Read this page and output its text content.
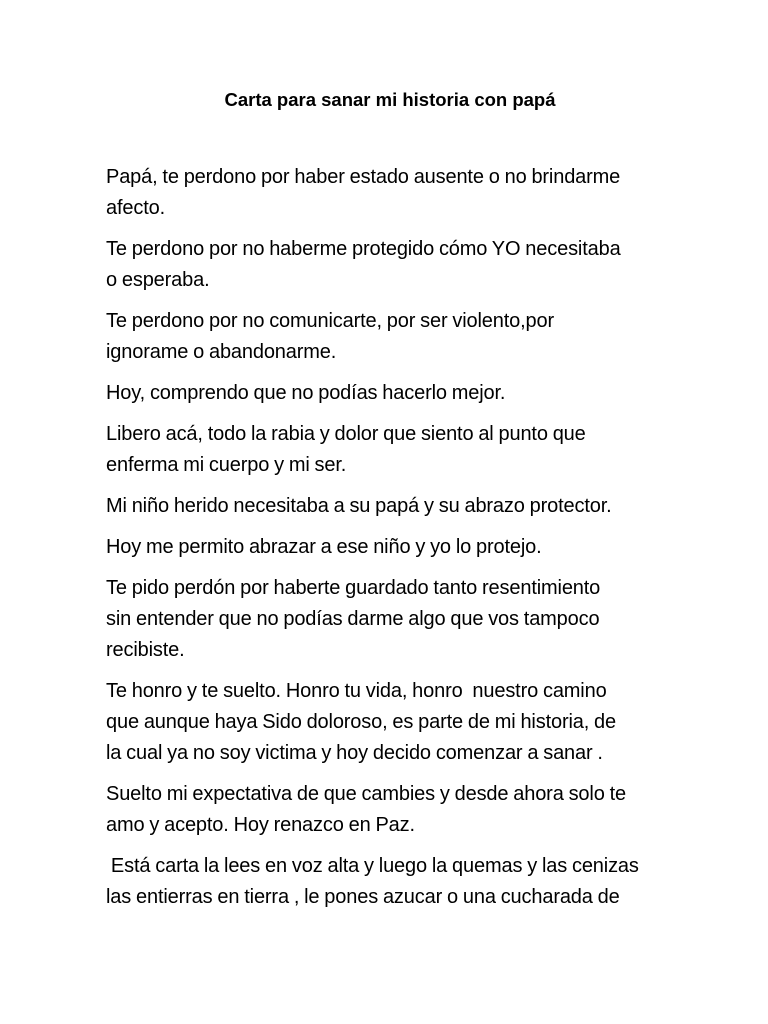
Carta para sanar mi historia con papá

Papá, te perdono por haber estado ausente o no brindarme
afecto.

Te perdono por no haberme protegido cómo YO necesitaba
o esperaba.

Te perdono por no comunicarte, por ser violento,por
ignorame o abandonarme.

Hoy, comprendo que no podías hacerlo mejor.

Libero acá, todo la rabia y dolor que siento al punto que
enferma mi cuerpo y mi ser.

Mi niño herido necesitaba a su papá y su abrazo protector.

Hoy me permito abrazar a ese niño y yo lo protejo.

Te pido perdón por haberte guardado tanto resentimiento
sin entender que no podías darme algo que vos tampoco
recibiste.

Te honro y te suelto. Honro tu vida, honro  nuestro camino
que aunque haya Sido doloroso, es parte de mi historia, de
la cual ya no soy victima y hoy decido comenzar a sanar .

Suelto mi expectativa de que cambies y desde ahora solo te
amo y acepto. Hoy renazco en Paz.

Está carta la lees en voz alta y luego la quemas y las cenizas
las entierras en tierra , le pones azucar o una cucharada de
